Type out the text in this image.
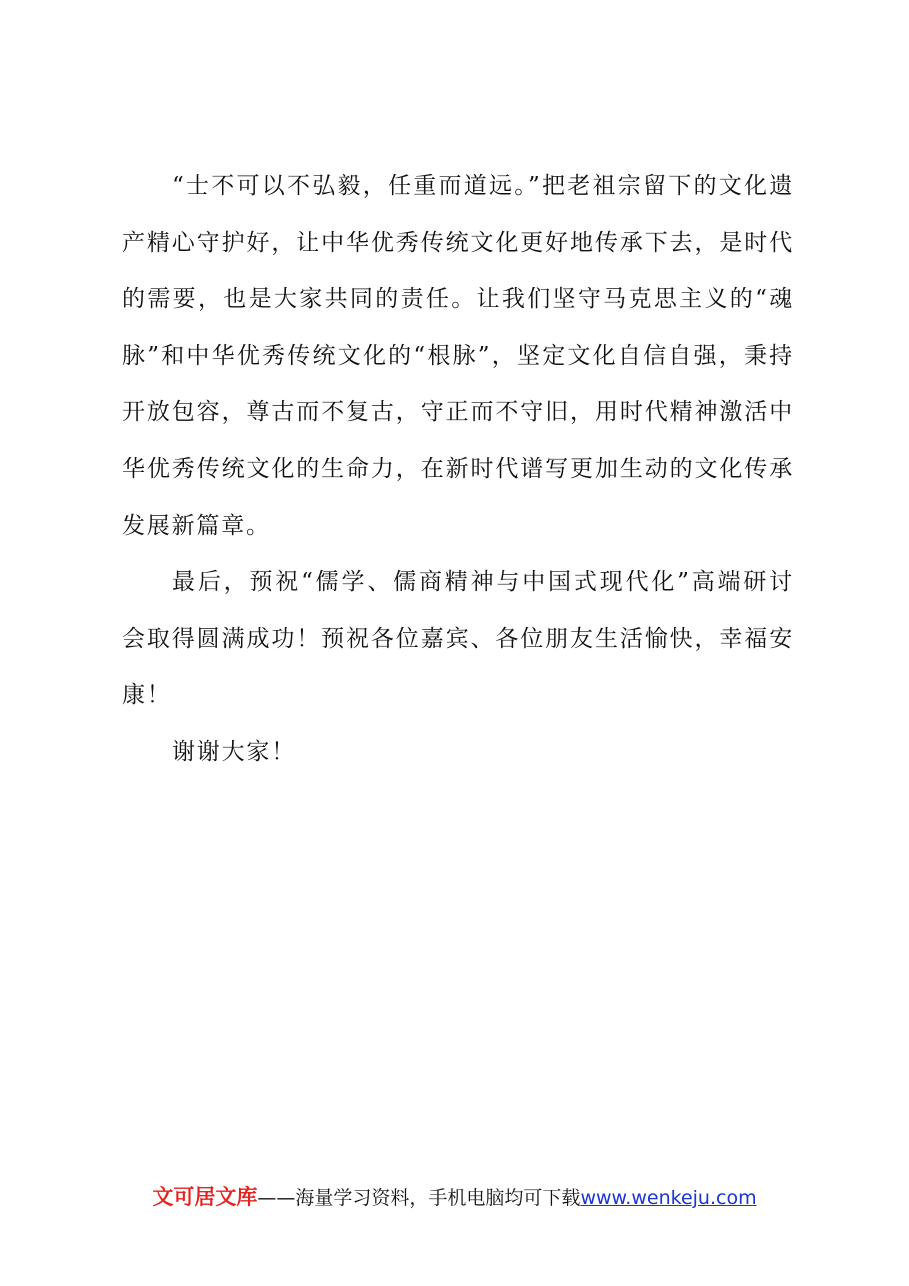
“士不可以不弘毅，任重而道远。”把老祖宗留下的文化遗产精心守护好，让中华优秀传统文化更好地传承下去，是时代的需要，也是大家共同的责任。让我们坚守马克思主义的“魂脉”和中华优秀传统文化的“根脉”，坚定文化自信自强，秉持开放包容，尊古而不复古，守正而不守旧，用时代精神激活中华优秀传统文化的生命力，在新时代谱写更加生动的文化传承发展新篇章。

最后，预祝“儒学、儒商精神与中国式现代化”高端研讨会取得圆满成功！预祝各位嘉宾、各位朋友生活愉快，幸福安康！

谢谢大家！

文可居文库——海量学习资料，手机电脑均可下载www.wenkeju.com
